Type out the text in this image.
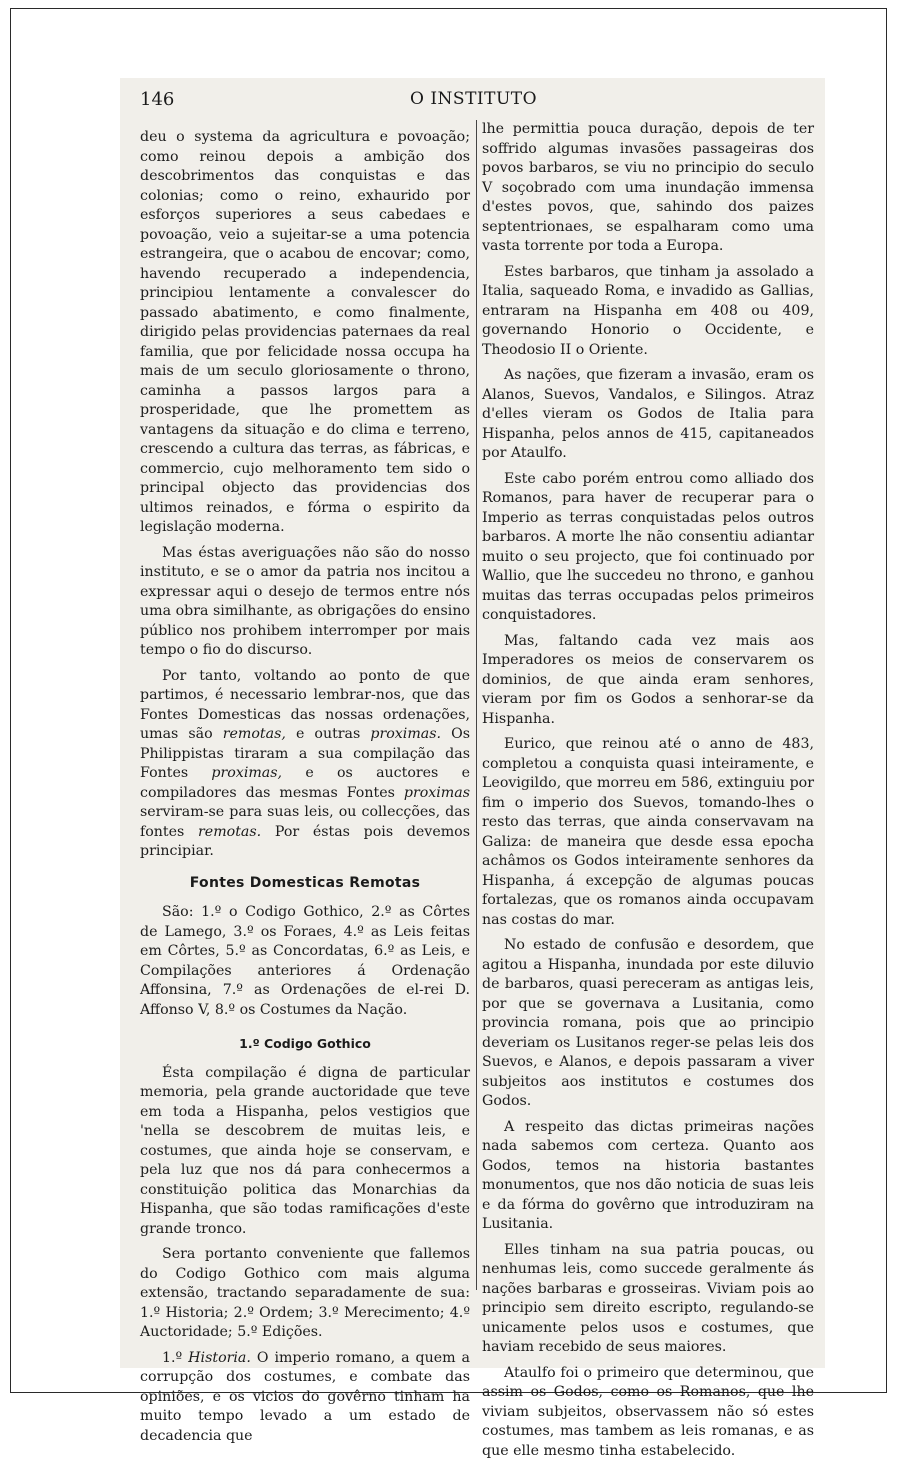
146	O INSTITUTO

deu o systema da agricultura e povoação; como reinou depois a ambição dos descobrimentos das conquistas e das colonias; como o reino, exhaurido por esforços superiores a seus cabedaes e povoação, veio a sujeitar-se a uma potencia estrangeira, que o acabou de encovar; como, havendo recuperado a independencia, principiou lentamente a convalescer do passado abatimento, e como finalmente, dirigido pelas providencias paternaes da real familia, que por felicidade nossa occupa ha mais de um seculo gloriosamente o throno, caminha a passos largos para a prosperidade, que lhe promettem as vantagens da situação e do clima e terreno, crescendo a cultura das terras, as fábricas, e commercio, cujo melhoramento tem sido o principal objecto das providencias dos ultimos reinados, e fórma o espirito da legislação moderna.

Mas éstas averiguações não são do nosso instituto, e se o amor da patria nos incitou a expressar aqui o desejo de termos entre nós uma obra similhante, as obrigações do ensino público nos prohibem interromper por mais tempo o fio do discurso.

Por tanto, voltando ao ponto de que partimos, é necessario lembrar-nos, que das Fontes Domesticas das nossas ordenações, umas são remotas, e outras proximas. Os Philippistas tiraram a sua compilação das Fontes proximas, e os auctores e compiladores das mesmas Fontes proximas serviram-se para suas leis, ou collecções, das fontes remotas. Por éstas pois devemos principiar.

Fontes Domesticas Remotas

São: 1.º o Codigo Gothico, 2.º as Côrtes de Lamego, 3.º os Foraes, 4.º as Leis feitas em Côrtes, 5.º as Concordatas, 6.º as Leis, e Compilações anteriores á Ordenação Affonsina, 7.º as Ordenações de el-rei D. Affonso V, 8.º os Costumes da Nação.

1.º Codigo Gothico

Ésta compilação é digna de particular memoria, pela grande auctoridade que teve em toda a Hispanha, pelos vestigios que 'nella se descobrem de muitas leis, e costumes, que ainda hoje se conservam, e pela luz que nos dá para conhecermos a constituição politica das Monarchias da Hispanha, que são todas ramificações d'este grande tronco.

Sera portanto conveniente que fallemos do Codigo Gothico com mais alguma extensão, tractando separadamente de sua: 1.º Historia; 2.º Ordem; 3.º Merecimento; 4.º Auctoridade; 5.º Edições.

1.º Historia. O imperio romano, a quem a corrupção dos costumes, e combate das opiniões, e os vicios do govêrno tinham ha muito tempo levado a um estado de decadencia que

lhe permittia pouca duração, depois de ter soffrido algumas invasões passageiras dos povos barbaros, se viu no principio do seculo V soçobrado com uma inundação immensa d'estes povos, que, sahindo dos paizes septentrionaes, se espalharam como uma vasta torrente por toda a Europa.

Estes barbaros, que tinham ja assolado a Italia, saqueado Roma, e invadido as Gallias, entraram na Hispanha em 408 ou 409, governando Honorio o Occidente, e Theodosio II o Oriente.

As nações, que fizeram a invasão, eram os Alanos, Suevos, Vandalos, e Silingos. Atraz d'elles vieram os Godos de Italia para Hispanha, pelos annos de 415, capitaneados por Ataulfo.

Este cabo porém entrou como alliado dos Romanos, para haver de recuperar para o Imperio as terras conquistadas pelos outros barbaros. A morte lhe não consentiu adiantar muito o seu projecto, que foi continuado por Wallio, que lhe succedeu no throno, e ganhou muitas das terras occupadas pelos primeiros conquistadores.

Mas, faltando cada vez mais aos Imperadores os meios de conservarem os dominios, de que ainda eram senhores, vieram por fim os Godos a senhorar-se da Hispanha.

Eurico, que reinou até o anno de 483, completou a conquista quasi inteiramente, e Leovigildo, que morreu em 586, extinguiu por fim o imperio dos Suevos, tomando-lhes o resto das terras, que ainda conservavam na Galiza: de maneira que desde essa epocha achâmos os Godos inteiramente senhores da Hispanha, á excepção de algumas poucas fortalezas, que os romanos ainda occupavam nas costas do mar.

No estado de confusão e desordem, que agitou a Hispanha, inundada por este diluvio de barbaros, quasi pereceram as antigas leis, por que se governava a Lusitania, como provincia romana, pois que ao principio deveriam os Lusitanos reger-se pelas leis dos Suevos, e Alanos, e depois passaram a viver subjeitos aos institutos e costumes dos Godos.

A respeito das dictas primeiras nações nada sabemos com certeza. Quanto aos Godos, temos na historia bastantes monumentos, que nos dão noticia de suas leis e da fórma do govêrno que introduziram na Lusitania.

Elles tinham na sua patria poucas, ou nenhumas leis, como succede geralmente ás nações barbaras e grosseiras. Viviam pois ao principio sem direito escripto, regulando-se unicamente pelos usos e costumes, que haviam recebido de seus maiores.

Ataulfo foi o primeiro que determinou, que assim os Godos, como os Romanos, que lhe viviam subjeitos, observassem não só estes costumes, mas tambem as leis romanas, e as que elle mesmo tinha estabelecido.
